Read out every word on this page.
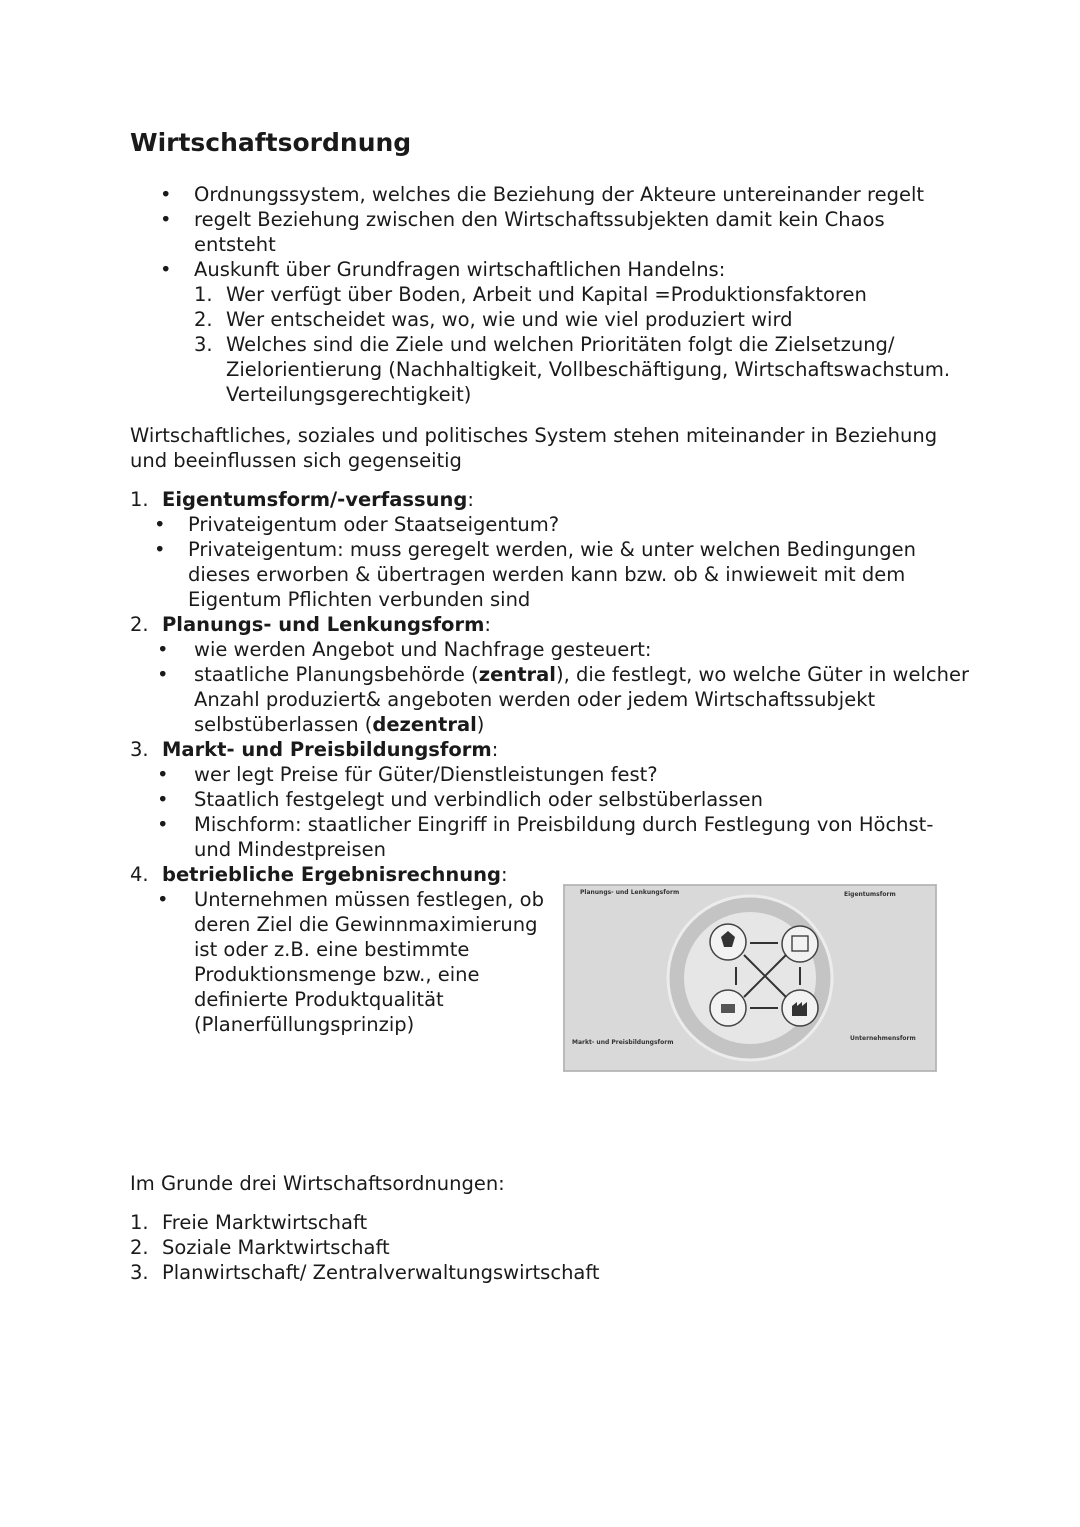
Wirtschaftsordnung
• Ordnungssystem, welches die Beziehung der Akteure untereinander regelt
• regelt Beziehung zwischen den Wirtschaftssubjekten damit kein Chaos entsteht
• Auskunft über Grundfragen wirtschaftlichen Handelns:
1. Wer verfügt über Boden, Arbeit und Kapital =Produktionsfaktoren
2. Wer entscheidet was, wo, wie und wie viel produziert wird
3. Welches sind die Ziele und welchen Prioritäten folgt die Zielsetzung/ Zielorientierung (Nachhaltigkeit, Vollbeschäftigung, Wirtschaftswachstum. Verteilungsgerechtigkeit)

Wirtschaftliches, soziales und politisches System stehen miteinander in Beziehung und beeinflussen sich gegenseitig

1. Eigentumsform/-verfassung:
• Privateigentum oder Staatseigentum?
• Privateigentum: muss geregelt werden, wie & unter welchen Bedingungen dieses erworben & übertragen werden kann bzw. ob & inwieweit mit dem Eigentum Pflichten verbunden sind
2. Planungs- und Lenkungsform:
• wie werden Angebot und Nachfrage gesteuert:
• staatliche Planungsbehörde (zentral), die festlegt, wo welche Güter in welcher Anzahl produziert& angeboten werden oder jedem Wirtschaftssubjekt selbstüberlassen (dezentral)
3. Markt- und Preisbildungsform:
• wer legt Preise für Güter/Dienstleistungen fest?
• Staatlich festgelegt und verbindlich oder selbstüberlassen
• Mischform: staatlicher Eingriff in Preisbildung durch Festlegung von Höchst- und Mindestpreisen
4. betriebliche Ergebnisrechnung:
• Unternehmen müssen festlegen, ob deren Ziel die Gewinnmaximierung ist oder z.B. eine bestimmte Produktionsmenge bzw., eine definierte Produktqualität (Planerfüllungsprinzip)
Planungs- und Lenkungsform	Eigentumsform
Markt- und Preisbildungsform
Unternehmensform

Im Grunde drei Wirtschaftsordnungen:

1. Freie Marktwirtschaft
2. Soziale Marktwirtschaft
3. Planwirtschaft/ Zentralverwaltungswirtschaft
